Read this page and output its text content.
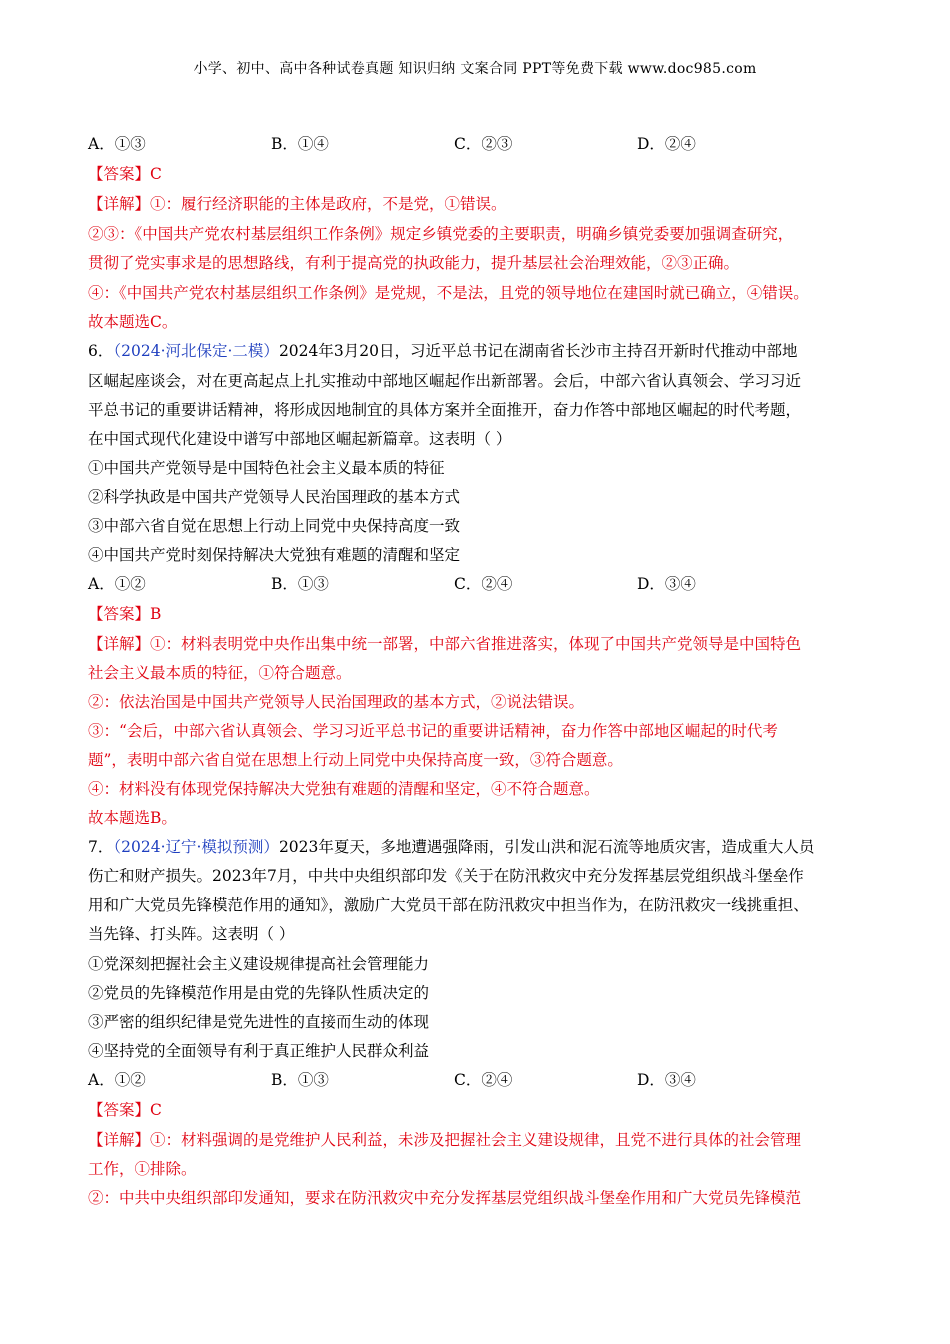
小学、初中、高中各种试卷真题 知识归纳 文案合同 PPT等免费下载 www.doc985.com
A．①③	B．①④	C．②③	D．②④
【答案】C
【详解】①：履行经济职能的主体是政府，不是党，①错误。
②③：《中国共产党农村基层组织工作条例》规定乡镇党委的主要职责，明确乡镇党委要加强调查研究，
贯彻了党实事求是的思想路线，有利于提高党的执政能力，提升基层社会治理效能，②③正确。
④：《中国共产党农村基层组织工作条例》是党规，不是法，且党的领导地位在建国时就已确立，④错误。
故本题选C。
6．（2024·河北保定·二模）2024年3月20日，习近平总书记在湖南省长沙市主持召开新时代推动中部地
区崛起座谈会，对在更高起点上扎实推动中部地区崛起作出新部署。会后，中部六省认真领会、学习习近
平总书记的重要讲话精神，将形成因地制宜的具体方案并全面推开，奋力作答中部地区崛起的时代考题，
在中国式现代化建设中谱写中部地区崛起新篇章。这表明（ ）
①中国共产党领导是中国特色社会主义最本质的特征
②科学执政是中国共产党领导人民治国理政的基本方式
③中部六省自觉在思想上行动上同党中央保持高度一致
④中国共产党时刻保持解决大党独有难题的清醒和坚定
A．①②	B．①③	C．②④	D．③④
【答案】B
【详解】①：材料表明党中央作出集中统一部署，中部六省推进落实，体现了中国共产党领导是中国特色
社会主义最本质的特征，①符合题意。
②：依法治国是中国共产党领导人民治国理政的基本方式，②说法错误。
③：“会后，中部六省认真领会、学习习近平总书记的重要讲话精神，奋力作答中部地区崛起的时代考
题”，表明中部六省自觉在思想上行动上同党中央保持高度一致，③符合题意。
④：材料没有体现党保持解决大党独有难题的清醒和坚定，④不符合题意。
故本题选B。
7．（2024·辽宁·模拟预测）2023年夏天，多地遭遇强降雨，引发山洪和泥石流等地质灾害，造成重大人员
伤亡和财产损失。2023年7月，中共中央组织部印发《关于在防汛救灾中充分发挥基层党组织战斗堡垒作
用和广大党员先锋模范作用的通知》，激励广大党员干部在防汛救灾中担当作为，在防汛救灾一线挑重担、
当先锋、打头阵。这表明（ ）
①党深刻把握社会主义建设规律提高社会管理能力
②党员的先锋模范作用是由党的先锋队性质决定的
③严密的组织纪律是党先进性的直接而生动的体现
④坚持党的全面领导有利于真正维护人民群众利益
A．①②	B．①③	C．②④	D．③④
【答案】C
【详解】①：材料强调的是党维护人民利益，未涉及把握社会主义建设规律，且党不进行具体的社会管理
工作，①排除。
②：中共中央组织部印发通知，要求在防汛救灾中充分发挥基层党组织战斗堡垒作用和广大党员先锋模范
